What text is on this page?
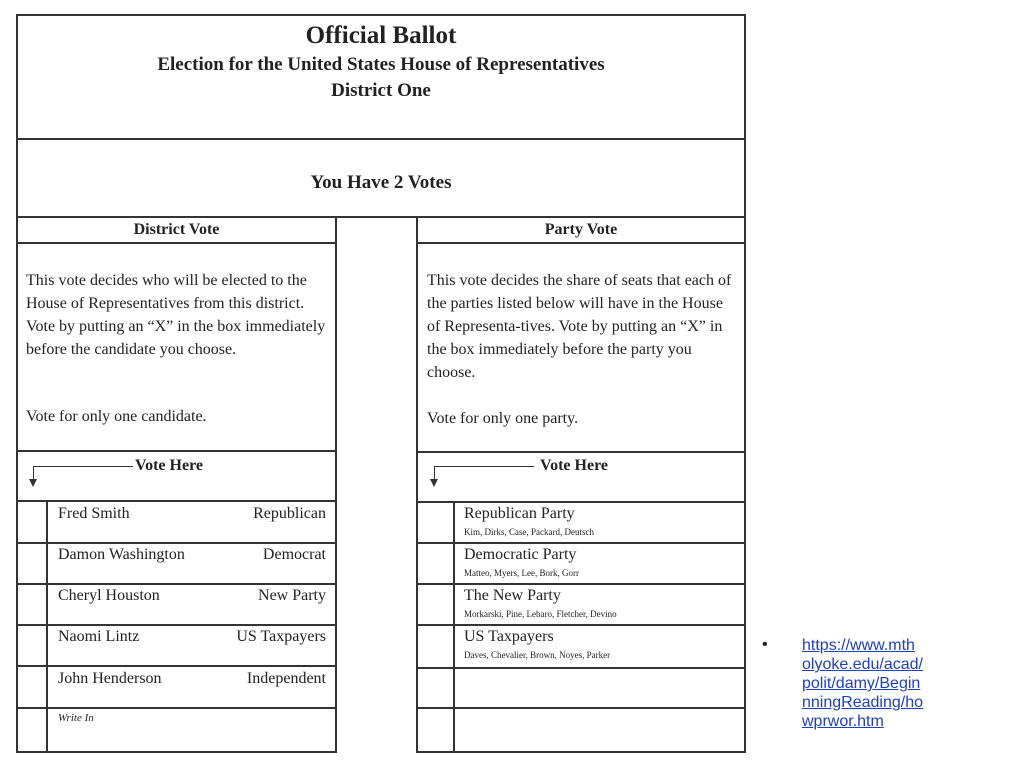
Official Ballot
Election for the United States House of Representatives
District One
You Have 2 Votes
District Vote
This vote decides who will be elected to the House of Representatives from this district. Vote by putting an “X” in the box immediately before the candidate you choose.
Vote for only one candidate.
Vote Here
Fred Smith	Republican
Damon Washington	Democrat
Cheryl Houston	New Party
Naomi Lintz	US Taxpayers
John Henderson	Independent
Write In
Party Vote
This vote decides the share of seats that each of the parties listed below will have in the House of Representa-tives. Vote by putting an “X” in the box immediately before the party you choose.
Vote for only one party.
Vote Here
Republican Party
Kim, Dirks, Case, Packard, Deutsch
Democratic Party
Matteo, Myers, Lee, Bork, Gorr
The New Party
Morkarski, Pine, Lebaro, Fletcher, Devino
US Taxpayers
Daves, Chevalier, Brown, Noyes, Parker
• https://www.mth
olyoke.edu/acad/
polit/damy/Begin
nningReading/ho
wprwor.htm
